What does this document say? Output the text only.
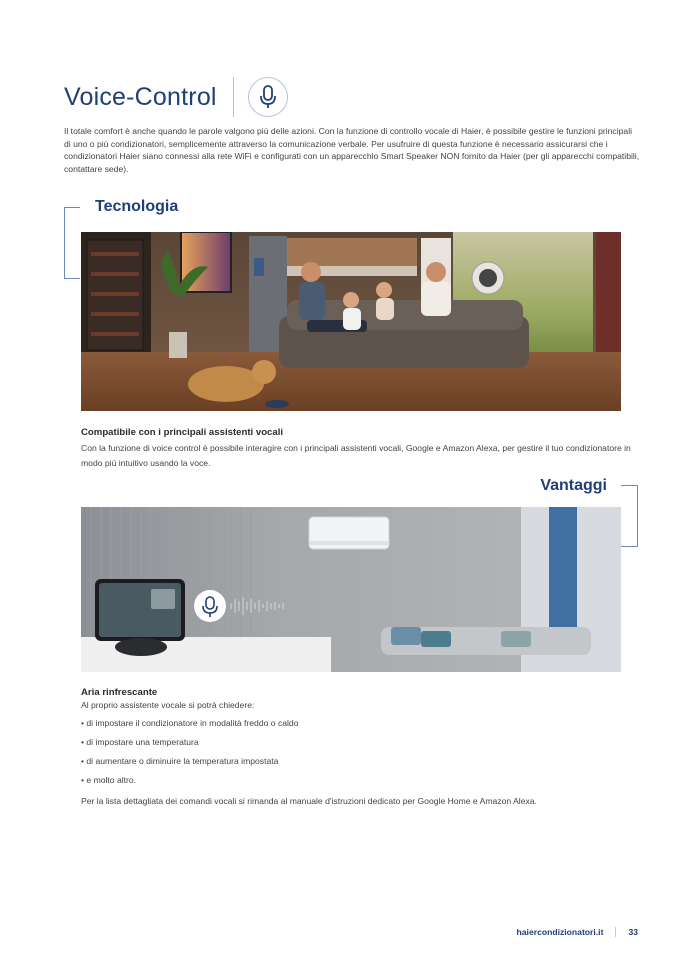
Voice-Control

Il totale comfort è anche quando le parole valgono più delle azioni. Con la funzione di controllo vocale di Haier, è possibile gestire le funzioni principali di uno o più condizionatori, semplicemente attraverso la comunicazione verbale. Per usufruire di questa funzione è necessario assicurarsi che i condizionatori Haier siano connessi alla rete WiFi e configurati con un apparecchio Smart Speaker NON fornito da Haier (per gli apparecchi compatibili, contattare sede).

Tecnologia
Compatibile con i principali assistenti vocali

Con la funzione di voice control è possibile interagire con i principali assistenti vocali, Google e Amazon Alexa, per gestire il tuo condizionatore in modo più intuitivo usando la voce.

Vantaggi
Aria rinfrescante

Al proprio assistente vocale si potrà chiedere:

• di impostare il condizionatore in modalità freddo o caldo
• di impostare una temperatura
• di aumentare o diminuire la temperatura impostata
• e molto altro.

Per la lista dettagliata dei comandi vocali si rimanda al manuale d'istruzioni dedicato per Google Home e Amazon Alexa.

haiercondizionatori.it	33
